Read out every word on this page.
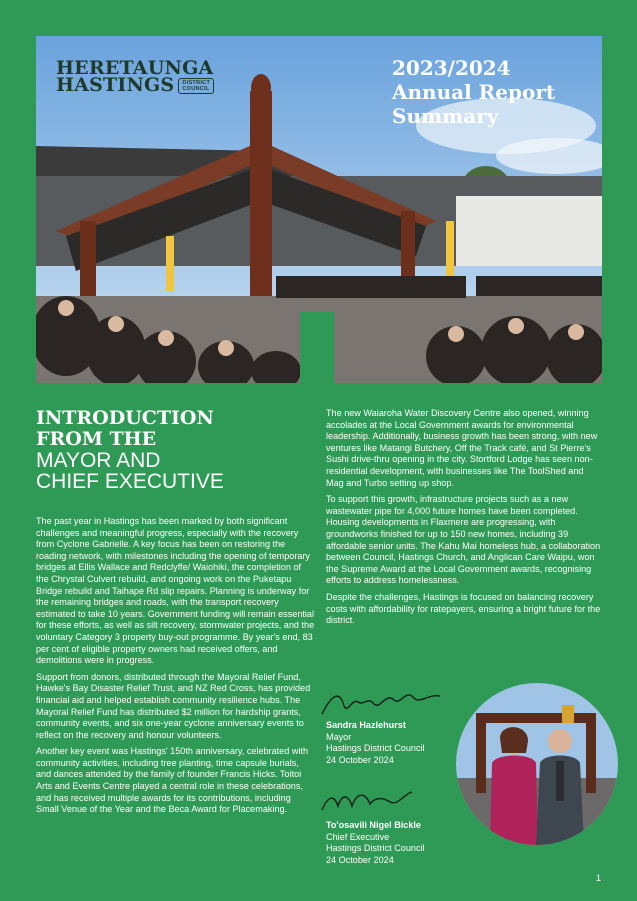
HERETAUNGA
HASTINGS	DISTRICT
COUNCIL
2023/2024
Annual Report
Summary
INTRODUCTION
FROM THE
MAYOR AND
CHIEF EXECUTIVE

The past year in Hastings has been marked by both significant challenges and meaningful progress, especially with the recovery from Cyclone Gabrielle. A key focus has been on restoring the roading network, with milestones including the opening of temporary bridges at Ellis Wallace and Redclyffe/ Waiohiki, the completion of the Chrystal Culvert rebuild, and ongoing work on the Puketapu Bridge rebuild and Taihape Rd slip repairs. Planning is underway for the remaining bridges and roads, with the transport recovery estimated to take 10 years. Government funding will remain essential for these efforts, as well as silt recovery, stormwater projects, and the voluntary Category 3 property buy-out programme. By year's end, 83 per cent of eligible property owners had received offers, and demolitions were in progress.

Support from donors, distributed through the Mayoral Relief Fund, Hawke's Bay Disaster Relief Trust, and NZ Red Cross, has provided financial aid and helped establish community resilience hubs. The Mayoral Relief Fund has distributed $2 million for hardship grants, community events, and six one-year cyclone anniversary events to reflect on the recovery and honour volunteers.

Another key event was Hastings' 150th anniversary, celebrated with community activities, including tree planting, time capsule burials, and dances attended by the family of founder Francis Hicks. Toitoi Arts and Events Centre played a central role in these celebrations, and has received multiple awards for its contributions, including Small Venue of the Year and the Beca Award for Placemaking.

The new Waiaroha Water Discovery Centre also opened, winning accolades at the Local Government awards for environmental leadership. Additionally, business growth has been strong, with new ventures like Matangi Butchery, Off the Track café, and St Pierre's Sushi drive-thru opening in the city. Stortford Lodge has seen non-residential development, with businesses like The ToolShed and Mag and Turbo setting up shop.

To support this growth, infrastructure projects such as a new wastewater pipe for 4,000 future homes have been completed. Housing developments in Flaxmere are progressing, with groundworks finished for up to 150 new homes, including 39 affordable senior units. The Kahu Mai homeless hub, a collaboration between Council, Hastings Church, and Anglican Care Waipu, won the Supreme Award at the Local Government awards, recognising efforts to address homelessness.

Despite the challenges, Hastings is focused on balancing recovery costs with affordability for ratepayers, ensuring a bright future for the district.

Sandra Hazlehurst
Mayor
Hastings District Council
24 October 2024
To'osavili Nigel Bickle
Chief Executive
Hastings District Council
24 October 2024
1
